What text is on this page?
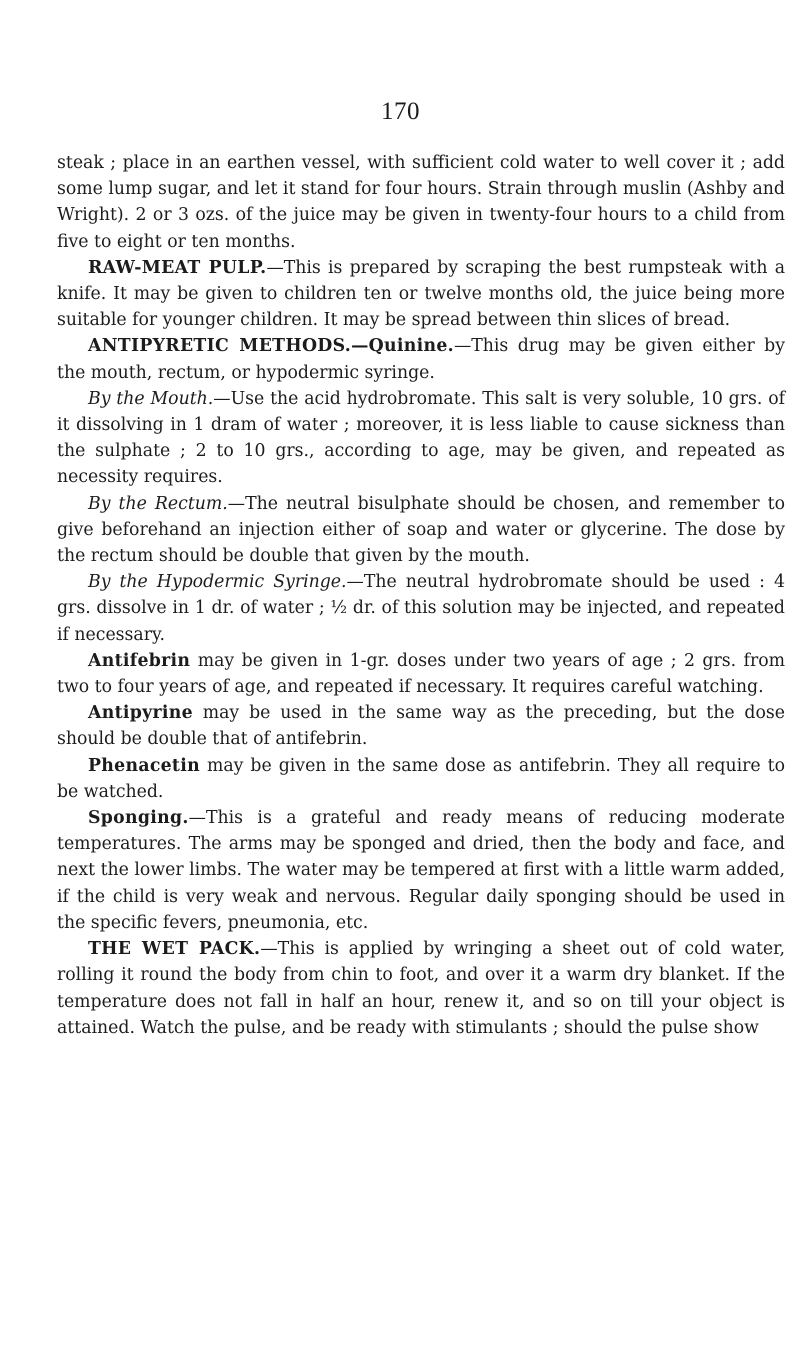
170

steak ; place in an earthen vessel, with sufficient cold water to well cover it ; add some lump sugar, and let it stand for four hours. Strain through muslin (Ashby and Wright). 2 or 3 ozs. of the juice may be given in twenty-four hours to a child from five to eight or ten months.

RAW-MEAT PULP.—This is prepared by scraping the best rumpsteak with a knife. It may be given to children ten or twelve months old, the juice being more suitable for younger children. It may be spread between thin slices of bread.

ANTIPYRETIC METHODS.—Quinine.—This drug may be given either by the mouth, rectum, or hypodermic syringe.

By the Mouth.—Use the acid hydrobromate. This salt is very soluble, 10 grs. of it dissolving in 1 dram of water ; moreover, it is less liable to cause sickness than the sulphate ; 2 to 10 grs., according to age, may be given, and repeated as necessity requires.

By the Rectum.—The neutral bisulphate should be chosen, and remember to give beforehand an injection either of soap and water or glycerine. The dose by the rectum should be double that given by the mouth.

By the Hypodermic Syringe.—The neutral hydrobromate should be used : 4 grs. dissolve in 1 dr. of water ; ½ dr. of this solution may be injected, and repeated if necessary.

Antifebrin may be given in 1-gr. doses under two years of age ; 2 grs. from two to four years of age, and repeated if necessary. It requires careful watching.

Antipyrine may be used in the same way as the preceding, but the dose should be double that of antifebrin.

Phenacetin may be given in the same dose as antifebrin. They all require to be watched.

Sponging.—This is a grateful and ready means of reducing moderate temperatures. The arms may be sponged and dried, then the body and face, and next the lower limbs. The water may be tempered at first with a little warm added, if the child is very weak and nervous. Regular daily sponging should be used in the specific fevers, pneumonia, etc.

THE WET PACK.—This is applied by wringing a sheet out of cold water, rolling it round the body from chin to foot, and over it a warm dry blanket. If the temperature does not fall in half an hour, renew it, and so on till your object is attained. Watch the pulse, and be ready with stimulants ; should the pulse show
